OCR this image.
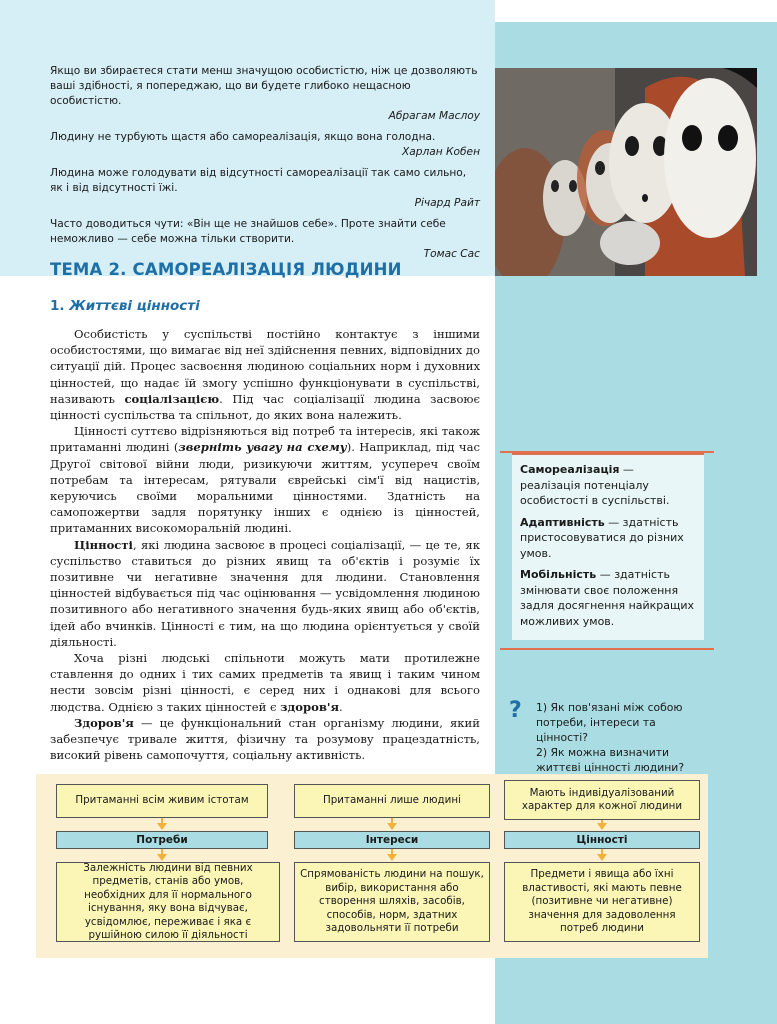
Якщо ви збираєтеся стати менш значущою особистістю, ніж це дозволяють ваші здібності, я попереджаю, що ви будете глибоко нещасною особистістю.
Абрагам Маслоу
Людину не турбують щастя або самореалізація, якщо вона голодна.
Харлан Кобен
Людина може голодувати від відсутності самореалізації так само сильно, як і від відсутності їжі.
Річард Райт
Часто доводиться чути: «Він ще не знайшов себе». Проте знайти себе неможливо — себе можна тільки створити.
Томас Сас
ТЕМА 2. САМОРЕАЛІЗАЦІЯ ЛЮДИНИ
1. Життєві цінності

Особистість у суспільстві постійно контактує з іншими особистостями, що вимагає від неї здійснення певних, відповідних до ситуації дій. Процес засвоєння людиною соціальних норм і духовних цінностей, що надає їй змогу успішно функціонувати в суспільстві, називають соціалізацією. Під час соціалізації людина засвоює цінності суспільства та спільнот, до яких вона належить.

Цінності суттєво відрізняються від потреб та інтересів, які також притаманні людині (зверніть увагу на схему). Наприклад, під час Другої світової війни люди, ризикуючи життям, усупереч своїм потребам та інтересам, рятували єврейські сім'ї від нацистів, керуючись своїми моральними цінностями. Здатність на самопожертви задля порятунку інших є однією із цінностей, притаманних високоморальній людині.

Цінності, які людина засвоює в процесі соціалізації, — це те, як суспільство ставиться до різних явищ та об'єктів і розуміє їх позитивне чи негативне значення для людини. Становлення цінностей відбувається під час оцінювання — усвідомлення людиною позитивного або негативного значення будь-яких явищ або об'єктів, ідей або вчинків. Цінності є тим, на що людина орієнтується у своїй діяльності.

Хоча різні людські спільноти можуть мати протилежне ставлення до одних і тих самих предметів та явищ і таким чином нести зовсім різні цінності, є серед них і однакові для всього людства. Однією з таких цінностей є здоров'я.

Здоров'я — це функціональний стан організму людини, який забезпечує тривале життя, фізичну та розумову працездатність, високий рівень самопочуття, соціальну активність.

Самореалізація — реалізація потенціалу особистості в суспільстві.
Адаптивність — здатність пристосовуватися до різних умов.
Мобільність — здатність змінювати своє положення задля досягнення найкращих можливих умов.
? 1) Як пов'язані між собою потреби, інтереси та цінності?
2) Як можна визначити життєві цінності людини?
Притаманні всім живим істотам
Потреби
Залежність людини від певних предметів, станів або умов, необхідних для її нормального існування, яку вона відчуває, усвідомлює, переживає і яка є рушійною силою її діяльності
Притаманні лише людині
Інтереси
Спрямованість людини на пошук, вибір, використання або створення шляхів, засобів, способів, норм, здатних задовольняти її потреби
Мають індивідуалізований характер для кожної людини
Цінності
Предмети і явища або їхні властивості, які мають певне (позитивне чи негативне) значення для задоволення потреб людини
